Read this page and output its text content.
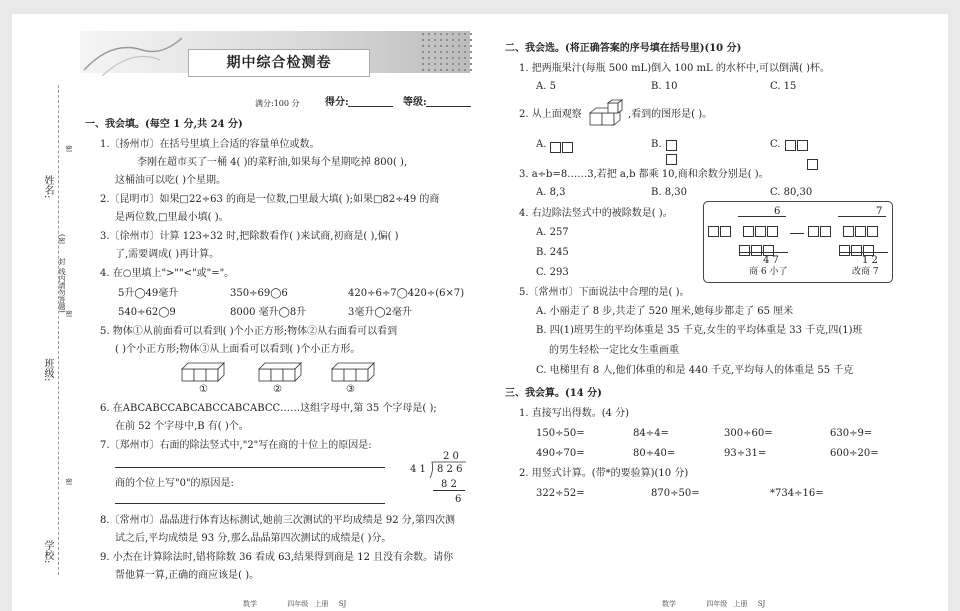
期中综合检测卷
满分:100 分	得分:	等级:
姓名:
班级:
学校:
(密
封
线内请勿答题)
密
密
密
一、我会填。(每空 1 分,共 24 分)
1.〔扬州市〕在括号里填上合适的容量单位或数。
李刚在超市买了一桶 4( )的菜籽油,如果每个星期吃掉 800( ),
这桶油可以吃( )个星期。
2.〔昆明市〕如果□22÷63 的商是一位数,□里最大填( );如果□82÷49 的商
是两位数,□里最小填( )。
3.〔徐州市〕计算 123÷32 时,把除数看作( )来试商,初商是( ),偏( )
了,需要调成( )再计算。
4. 在○里填上">""<"或"="。
5升◯49毫升	350÷69◯6	420÷6÷7◯420÷(6×7)
540÷62◯9	8000 毫升◯8升	3毫升◯2毫升
5. 物体①从前面看可以看到( )个小正方形;物体②从右面看可以看到
( )个小正方形;物体③从上面看可以看到( )个小正方形。
①	②	③
6. 在ABCABCCABCABCCABCABCC……这组字母中,第 35 个字母是( );
在前 52 个字母中,B 有( )个。
7.〔郑州市〕右面的除法竖式中,"2"写在商的十位上的原因是:
商的个位上写"0"的原因是:
2 0
4 1 8 2 6
8 2
6
8.〔常州市〕晶晶进行体育达标测试,她前三次测试的平均成绩是 92 分,第四次测
试之后,平均成绩是 93 分,那么晶晶第四次测试的成绩是( )分。
9. 小杰在计算除法时,错将除数 36 看成 63,结果得到商是 12 且没有余数。请你
帮他算一算,正确的商应该是( )。
二、我会选。(将正确答案的序号填在括号里)(10 分)
1. 把两瓶果汁(每瓶 500 mL)倒入 100 mL 的水杯中,可以倒满( )杯。
A. 5	B. 10	C. 15
2. 从上面观察	,看到的图形是( )。
A.	B.	C.

3. a÷b=8……3,若把 a,b 都乘 10,商和余数分别是( )。
A. 8,3	B. 8,30	C. 80,30
4. 右边除法竖式中的被除数是( )。
A. 257
B. 245
C. 293
6	7

4 7	1 2
商 6 小了	改商 7
5.〔常州市〕下面说法中合理的是( )。
A. 小丽走了 8 步,共走了 520 厘米,她每步都走了 65 厘米
B. 四(1)班男生的平均体重是 35 千克,女生的平均体重是 33 千克,四(1)班
的男生轻松一定比女生重画重
C. 电梯里有 8 人,他们体重的和是 440 千克,平均每人的体重是 55 千克
三、我会算。(14 分)
1. 直接写出得数。(4 分)
150÷50=	84÷4=	300÷60=	630÷9=
490÷70=	80÷40=	93÷31=	600÷20=
2. 用竖式计算。(带*的要验算)(10 分)
322÷52=	870÷50=	*734÷16=
数学	四年级 上册 SJ	数学	四年级 上册 SJ
